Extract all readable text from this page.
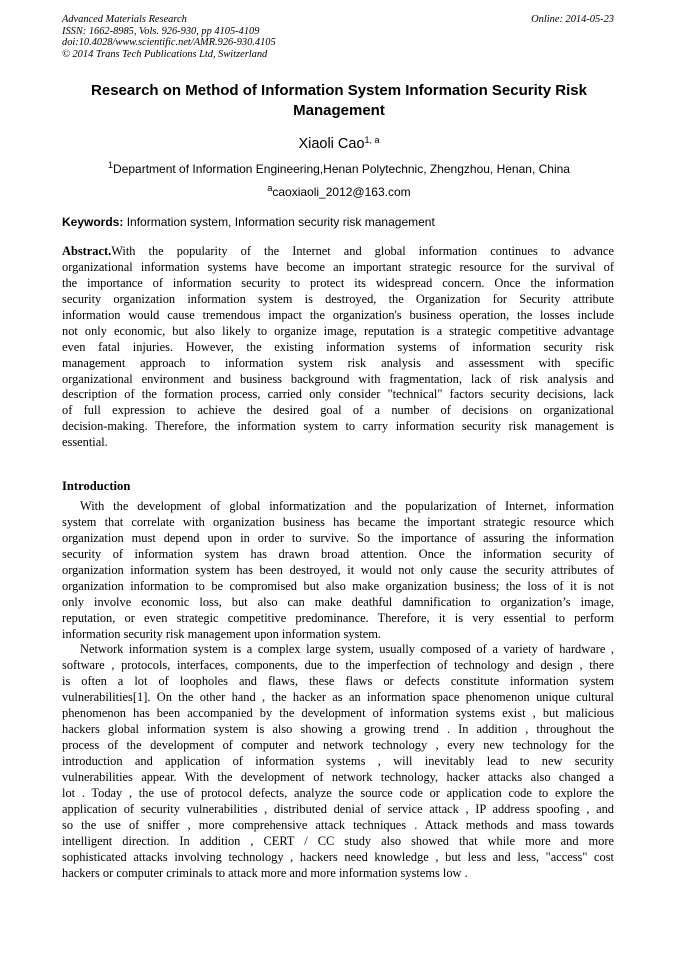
Advanced Materials Research
ISSN: 1662-8985, Vols. 926-930, pp 4105-4109
doi:10.4028/www.scientific.net/AMR.926-930.4105
© 2014 Trans Tech Publications Ltd, Switzerland
Online: 2014-05-23
Research on Method of Information System Information Security Risk
Management
Xiaoli Cao$^{1, a}$
$^1$Department of Information Engineering,Henan Polytechnic, Zhengzhou, Henan, China
$^a$caoxiaoli_2012@163.com
Keywords: Information system, Information security risk management
Abstract.With the popularity of the Internet and global information continues to advance
organizational information systems have become an important strategic resource for the survival of
the importance of information security to protect its widespread concern. Once the information
security organization information system is destroyed, the Organization for Security attribute
information would cause tremendous impact the organization's business operation, the losses include
not only economic, but also likely to organize image, reputation is a strategic competitive advantage
even fatal injuries. However, the existing information systems of information security risk
management approach to information system risk analysis and assessment with specific
organizational environment and business background with fragmentation, lack of risk analysis and
description of the formation process, carried only consider "technical" factors security decisions, lack
of full expression to achieve the desired goal of a number of decisions on organizational
decision-making. Therefore, the information system to carry information security risk management is
essential.
Introduction
With the development of global informatization and the popularization of Internet, information
system that correlate with organization business has became the important strategic resource which
organization must depend upon in order to survive. So the importance of assuring the information
security of information system has drawn broad attention. Once the information security of
organization information system has been destroyed, it would not only cause the security attributes of
organization information to be compromised but also make organization business; the loss of it is not
only involve economic loss, but also can make deathful damnification to organization’s image,
reputation, or even strategic competitive predominance. Therefore, it is very essential to perform
information security risk management upon information system.
Network information system is a complex large system, usually composed of a variety of hardware ,
software , protocols, interfaces, components, due to the imperfection of technology and design , there
is often a lot of loopholes and flaws, these flaws or defects constitute information system
vulnerabilities[1]. On the other hand , the hacker as an information space phenomenon unique cultural
phenomenon has been accompanied by the development of information systems exist , but malicious
hackers global information system is also showing a growing trend . In addition , throughout the
process of the development of computer and network technology , every new technology for the
introduction and application of information systems , will inevitably lead to new security
vulnerabilities appear. With the development of network technology, hacker attacks also changed a
lot . Today , the use of protocol defects, analyze the source code or application code to explore the
application of security vulnerabilities , distributed denial of service attack , IP address spoofing , and
so the use of sniffer , more comprehensive attack techniques . Attack methods and mass towards
intelligent direction. In addition , CERT / CC study also showed that while more and more
sophisticated attacks involving technology , hackers need knowledge , but less and less, "access" cost
hackers or computer criminals to attack more and more information systems low .
